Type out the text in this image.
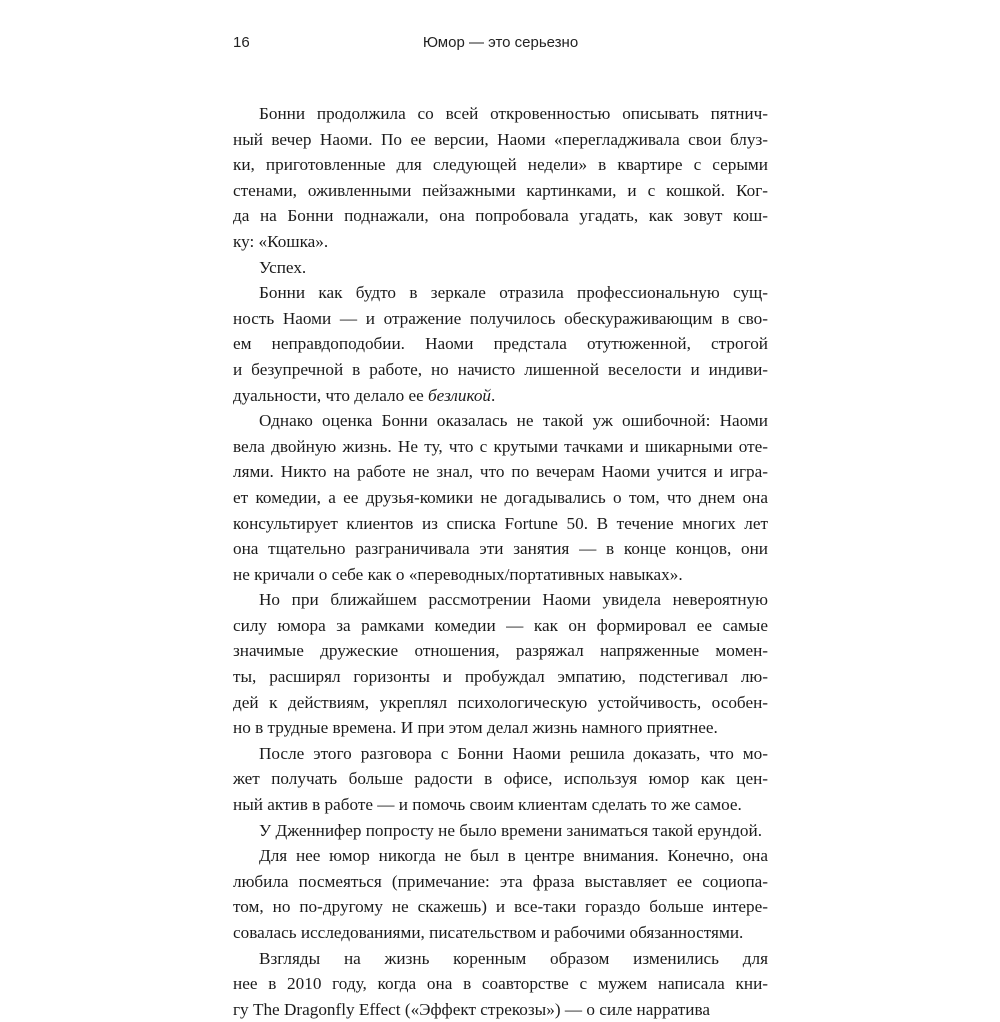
16	Юмор — это серьезно

Бонни продолжила со всей откровенностью описывать пятнич-
ный вечер Наоми. По ее версии, Наоми «перегладживала свои блуз-
ки, приготовленные для следующей недели» в квартире с серыми
стенами, оживленными пейзажными картинками, и с кошкой. Ког-
да на Бонни поднажали, она попробовала угадать, как зовут кош-
ку: «Кошка».

Успех.

Бонни как будто в зеркале отразила профессиональную сущ-
ность Наоми — и отражение получилось обескураживающим в сво-
ем неправдоподобии. Наоми предстала отутюженной, строгой
и безупречной в работе, но начисто лишенной веселости и индиви-
дуальности, что делало ее безликой.

Однако оценка Бонни оказалась не такой уж ошибочной: Наоми
вела двойную жизнь. Не ту, что с крутыми тачками и шикарными оте-
лями. Никто на работе не знал, что по вечерам Наоми учится и игра-
ет комедии, а ее друзья-комики не догадывались о том, что днем она
консультирует клиентов из списка Fortune 50. В течение многих лет
она тщательно разграничивала эти занятия — в конце концов, они
не кричали о себе как о «переводных/портативных навыках».

Но при ближайшем рассмотрении Наоми увидела невероятную
силу юмора за рамками комедии — как он формировал ее самые
значимые дружеские отношения, разряжал напряженные момен-
ты, расширял горизонты и пробуждал эмпатию, подстегивал лю-
дей к действиям, укреплял психологическую устойчивость, особен-
но в трудные времена. И при этом делал жизнь намного приятнее.

После этого разговора с Бонни Наоми решила доказать, что мо-
жет получать больше радости в офисе, используя юмор как цен-
ный актив в работе — и помочь своим клиентам сделать то же самое.

У Дженнифер попросту не было времени заниматься такой ерундой.

Для нее юмор никогда не был в центре внимания. Конечно, она
любила посмеяться (примечание: эта фраза выставляет ее социопа-
том, но по-другому не скажешь) и все-таки гораздо больше интере-
совалась исследованиями, писательством и рабочими обязанностями.

Взгляды на жизнь коренным образом изменились для
нее в 2010 году, когда она в соавторстве с мужем написала кни-
гу The Dragonfly Effect («Эффект стрекозы») — о силе нарратива
